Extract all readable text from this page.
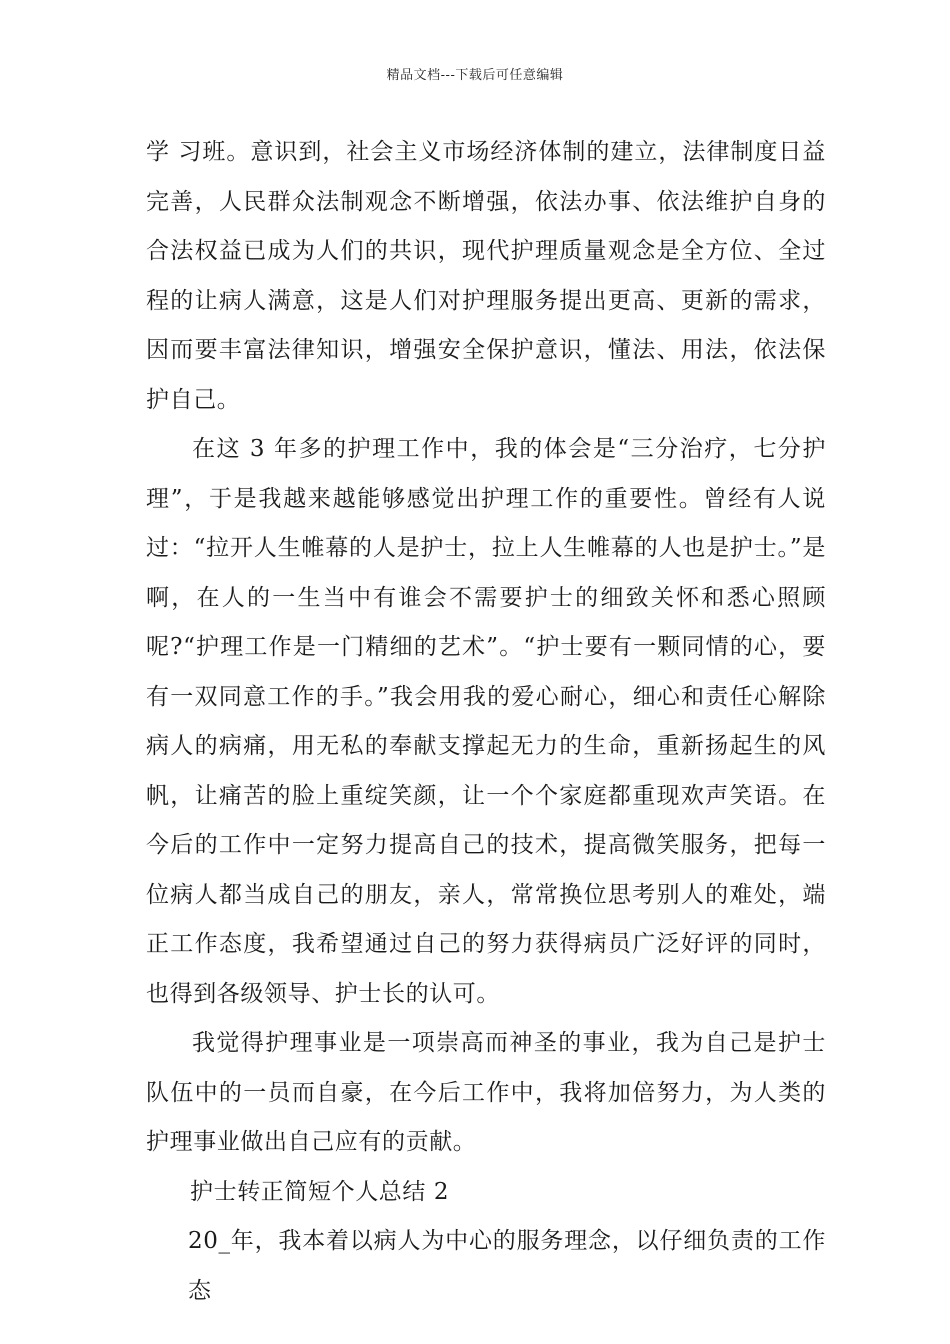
精品文档---下载后可任意编辑

学 习班。意识到，社会主义市场经济体制的建立，法律制度日益完善，人民群众法制观念不断增强，依法办事、依法维护自身的合法权益已成为人们的共识，现代护理质量观念是全方位、全过程的让病人满意，这是人们对护理服务提出更高、更新的需求，因而要丰富法律知识，增强安全保护意识，懂法、用法，依法保护自己。

在这 3 年多的护理工作中，我的体会是“三分治疗，七分护理”，于是我越来越能够感觉出护理工作的重要性。曾经有人说过：“拉开人生帷幕的人是护士，拉上人生帷幕的人也是护士。”是啊，在人的一生当中有谁会不需要护士的细致关怀和悉心照顾呢?“护理工作是一门精细的艺术”。“护士要有一颗同情的心，要有一双同意工作的手。”我会用我的爱心耐心，细心和责任心解除病人的病痛，用无私的奉献支撑起无力的生命，重新扬起生的风帆，让痛苦的脸上重绽笑颜，让一个个家庭都重现欢声笑语。在今后的工作中一定努力提高自己的技术，提高微笑服务，把每一位病人都当成自己的朋友，亲人，常常换位思考别人的难处，端正工作态度，我希望通过自己的努力获得病员广泛好评的同时，也得到各级领导、护士长的认可。

我觉得护理事业是一项崇高而神圣的事业，我为自己是护士队伍中的一员而自豪，在今后工作中，我将加倍努力，为人类的护理事业做出自己应有的贡献。

护士转正简短个人总结 2

20_年，我本着以病人为中心的服务理念，以仔细负责的工作态
